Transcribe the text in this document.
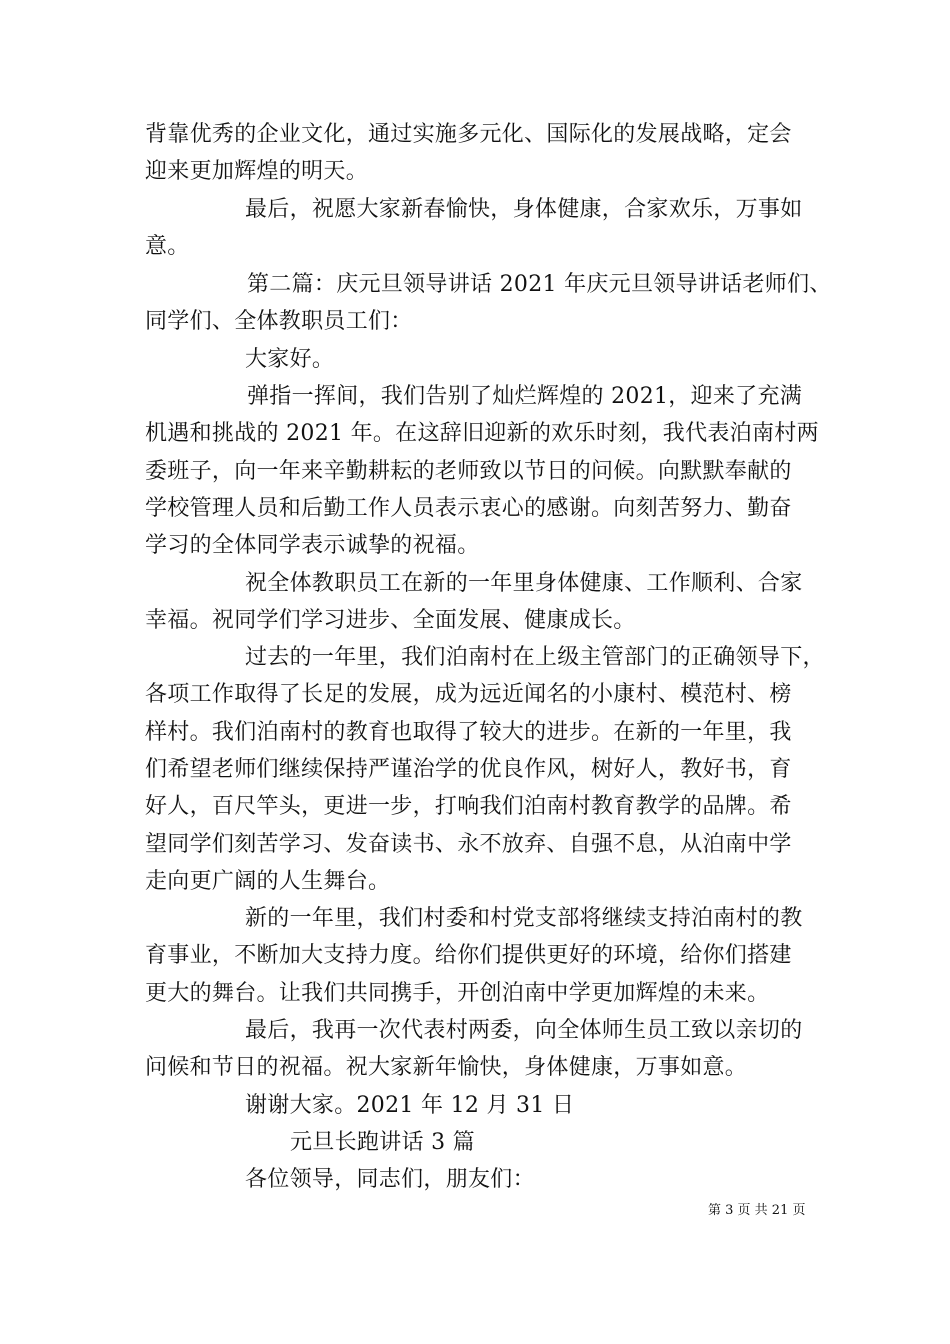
背靠优秀的企业文化，通过实施多元化、国际化的发展战略，定会
迎来更加辉煌的明天。
最后，祝愿大家新春愉快，身体健康，合家欢乐，万事如
意。
第二篇：庆元旦领导讲话 2021 年庆元旦领导讲话老师们、
同学们、全体教职员工们：
大家好。
弹指一挥间，我们告别了灿烂辉煌的 2021，迎来了充满
机遇和挑战的 2021 年。在这辞旧迎新的欢乐时刻，我代表泊南村两
委班子，向一年来辛勤耕耘的老师致以节日的问候。向默默奉献的
学校管理人员和后勤工作人员表示衷心的感谢。向刻苦努力、勤奋
学习的全体同学表示诚挚的祝福。
祝全体教职员工在新的一年里身体健康、工作顺利、合家
幸福。祝同学们学习进步、全面发展、健康成长。
过去的一年里，我们泊南村在上级主管部门的正确领导下，
各项工作取得了长足的发展，成为远近闻名的小康村、模范村、榜
样村。我们泊南村的教育也取得了较大的进步。在新的一年里，我
们希望老师们继续保持严谨治学的优良作风，树好人，教好书，育
好人，百尺竿头，更进一步，打响我们泊南村教育教学的品牌。希
望同学们刻苦学习、发奋读书、永不放弃、自强不息，从泊南中学
走向更广阔的人生舞台。
新的一年里，我们村委和村党支部将继续支持泊南村的教
育事业，不断加大支持力度。给你们提供更好的环境，给你们搭建
更大的舞台。让我们共同携手，开创泊南中学更加辉煌的未来。
最后，我再一次代表村两委，向全体师生员工致以亲切的
问候和节日的祝福。祝大家新年愉快，身体健康，万事如意。
谢谢大家。2021 年 12 月 31 日
元旦长跑讲话 3 篇
各位领导，同志们，朋友们：
第 3 页 共 21 页
